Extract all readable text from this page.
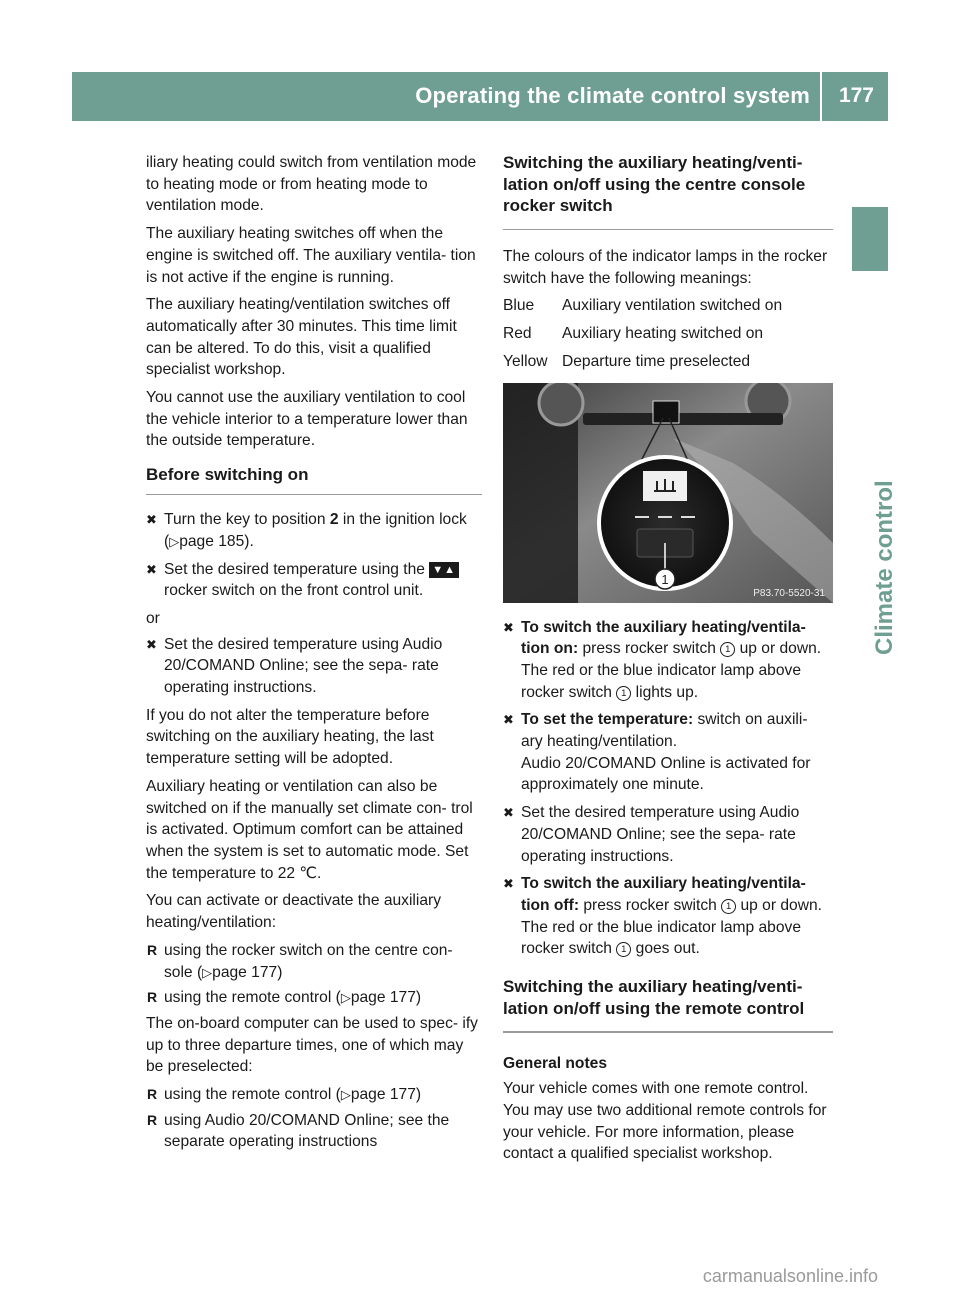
Operating the climate control system 177
Climate control

iliary heating could switch from ventilation mode to heating mode or from heating mode to ventilation mode.

The auxiliary heating switches off when the engine is switched off. The auxiliary ventila- tion is not active if the engine is running.

The auxiliary heating/ventilation switches off automatically after 30 minutes. This time limit can be altered. To do this, visit a qualified specialist workshop.

You cannot use the auxiliary ventilation to cool the vehicle interior to a temperature lower than the outside temperature.

Before switching on
✖ Turn the key to position 2 in the ignition lock (▷page 185).
✖ Set the desired temperature using the ▼▲ rocker switch on the front control unit.

or

✖ Set the desired temperature using Audio 20/COMAND Online; see the sepa- rate operating instructions.

If you do not alter the temperature before switching on the auxiliary heating, the last temperature setting will be adopted.

Auxiliary heating or ventilation can also be switched on if the manually set climate con- trol is activated. Optimum comfort can be attained when the system is set to automatic mode. Set the temperature to 22 ℃.

You can activate or deactivate the auxiliary heating/ventilation:

R using the rocker switch on the centre con- sole (▷page 177)
R using the remote control (▷page 177)

The on-board computer can be used to spec- ify up to three departure times, one of which may be preselected:

R using the remote control (▷page 177)
R using Audio 20/COMAND Online; see the separate operating instructions
Switching the auxiliary heating/venti- lation on/off using the centre console rocker switch

The colours of the indicator lamps in the rocker switch have the following meanings:

Blue	Auxiliary ventilation switched on
Red	Auxiliary heating switched on
Yellow Departure time preselected
1
P83.70-5520-31
✖ To switch the auxiliary heating/ventila- tion on: press rocker switch 1 up or down. The red or the blue indicator lamp above rocker switch 1 lights up.
✖ To set the temperature: switch on auxili- ary heating/ventilation.
Audio 20/COMAND Online is activated for approximately one minute.
✖ Set the desired temperature using Audio 20/COMAND Online; see the sepa- rate operating instructions.
✖ To switch the auxiliary heating/ventila- tion off: press rocker switch 1 up or down.
The red or the blue indicator lamp above rocker switch 1 goes out.
Switching the auxiliary heating/venti- lation on/off using the remote control

General notes

Your vehicle comes with one remote control. You may use two additional remote controls for your vehicle. For more information, please contact a qualified specialist workshop.

carmanualsonline.info
